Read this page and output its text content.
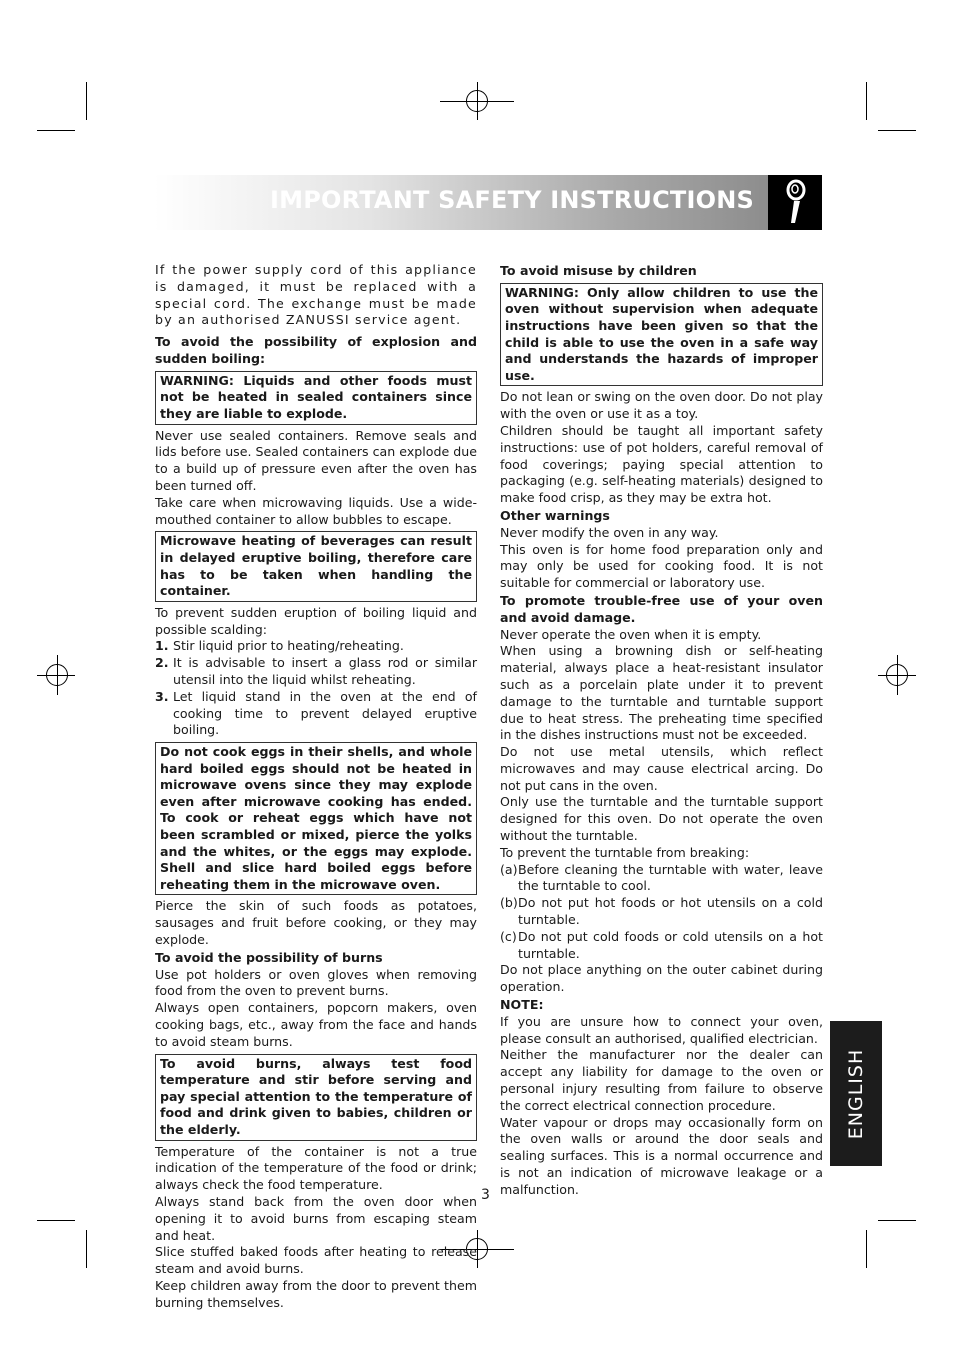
IMPORTANT SAFETY INSTRUCTIONS

If the power supply cord of this appliance is damaged, it must be replaced with a special cord. The exchange must be made by an authorised ZANUSSI service agent.

To avoid the possibility of explosion and sudden boiling:
WARNING: Liquids and other foods must not be heated in sealed containers since they are liable to explode.

Never use sealed containers. Remove seals and lids before use. Sealed containers can explode due to a build up of pressure even after the oven has been turned off.

Take care when microwaving liquids. Use a wide-mouthed container to allow bubbles to escape.

Microwave heating of beverages can result in delayed eruptive boiling, therefore care has to be taken when handling the container.

To prevent sudden eruption of boiling liquid and possible scalding:

1. Stir liquid prior to heating/reheating.
2. It is advisable to insert a glass rod or similar utensil into the liquid whilst reheating.
3. Let liquid stand in the oven at the end of cooking time to prevent delayed eruptive boiling.
Do not cook eggs in their shells, and whole hard boiled eggs should not be heated in microwave ovens since they may explode even after microwave cooking has ended. To cook or reheat eggs which have not been scrambled or mixed, pierce the yolks and the whites, or the eggs may explode. Shell and slice hard boiled eggs before reheating them in the microwave oven.

Pierce the skin of such foods as potatoes, sausages and fruit before cooking, or they may explode.

To avoid the possibility of burns

Use pot holders or oven gloves when removing food from the oven to prevent burns.

Always open containers, popcorn makers, oven cooking bags, etc., away from the face and hands to avoid steam burns.

To avoid burns, always test food temperature and stir before serving and pay special attention to the temperature of food and drink given to babies, children or the elderly.

Temperature of the container is not a true indication of the temperature of the food or drink; always check the food temperature.

Always stand back from the oven door when opening it to avoid burns from escaping steam and heat.

Slice stuffed baked foods after heating to release steam and avoid burns.

Keep children away from the door to prevent them burning themselves.

To avoid misuse by children
WARNING: Only allow children to use the oven without supervision when adequate instructions have been given so that the child is able to use the oven in a safe way and understands the hazards of improper use.

Do not lean or swing on the oven door. Do not play with the oven or use it as a toy.

Children should be taught all important safety instructions: use of pot holders, careful removal of food coverings; paying special attention to packaging (e.g. self-heating materials) designed to make food crisp, as they may be extra hot.

Other warnings

Never modify the oven in any way.

This oven is for home food preparation only and may only be used for cooking food. It is not suitable for commercial or laboratory use.

To promote trouble-free use of your oven and avoid damage.

Never operate the oven when it is empty.

When using a browning dish or self-heating material, always place a heat-resistant insulator such as a porcelain plate under it to prevent damage to the turntable and turntable support due to heat stress. The preheating time specified in the dishes instructions must not be exceeded.

Do not use metal utensils, which reflect microwaves and may cause electrical arcing. Do not put cans in the oven.

Only use the turntable and the turntable support designed for this oven. Do not operate the oven without the turntable.

To prevent the turntable from breaking:

(a) Before cleaning the turntable with water, leave the turntable to cool.
(b) Do not put hot foods or hot utensils on a cold turntable.
(c) Do not put cold foods or cold utensils on a hot turntable.

Do not place anything on the outer cabinet during operation.

NOTE:

If you are unsure how to connect your oven, please consult an authorised, qualified electrician.

Neither the manufacturer nor the dealer can accept any liability for damage to the oven or personal injury resulting from failure to observe the correct electrical connection procedure.

Water vapour or drops may occasionally form on the oven walls or around the door seals and sealing surfaces. This is a normal occurrence and is not an indication of microwave leakage or a malfunction.

3
ENGLISH
